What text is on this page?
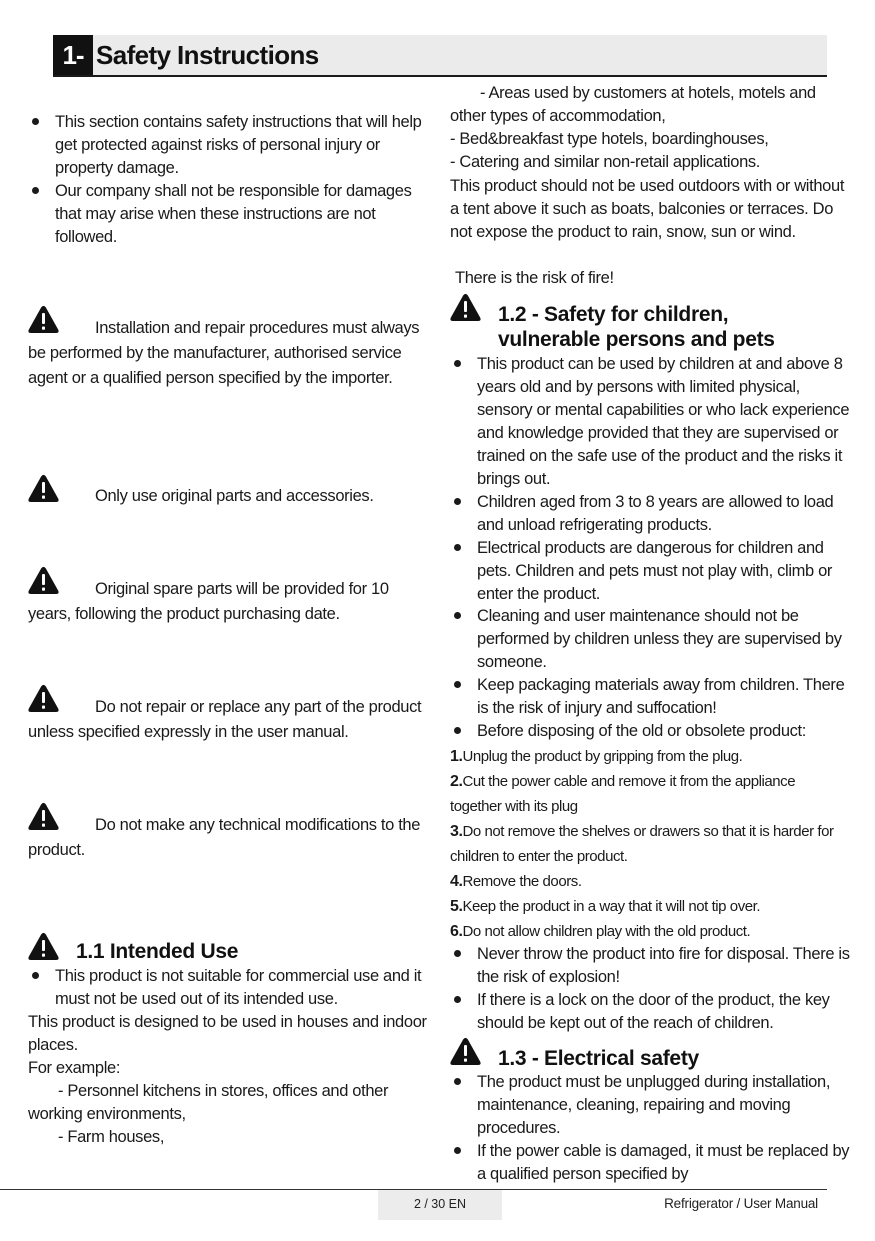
1- Safety Instructions
This section contains safety instructions that will help get protected against risks of personal injury or property damage.
Our company shall not be responsible for damages that may arise when these instructions are not followed.
Installation and repair procedures must always be performed by the manufacturer, authorised service agent or a qualified person specified by the importer.
Only use original parts and accessories.
Original spare parts will be provided for 10 years, following the product purchasing date.
Do not repair or replace any part of the product unless specified expressly in the user manual.
Do not make any technical modifications to the product.
1.1 Intended Use
This product is not suitable for commercial use and it must not be used out of its intended use.
This product is designed to be used in houses and indoor places.
For example:
- Personnel kitchens in stores, offices and other working environments,
- Farm houses,
- Areas used by customers at hotels, motels and other types of accommodation,
- Bed&breakfast type hotels, boardinghouses,
- Catering and similar non-retail applications.
This product should not be used outdoors with or without a tent above it such as boats, balconies or terraces. Do not expose the product to rain, snow, sun or wind.
There is the risk of fire!
1.2 - Safety for children,
vulnerable persons and pets
This product can be used by children at and above 8 years old and by persons with limited physical, sensory or mental capabilities or who lack experience and knowledge provided that they are supervised or trained on the safe use of the product and the risks it brings out.
Children aged from 3 to 8 years are allowed to load and unload refrigerating products.
Electrical products are dangerous for children and pets. Children and pets must not play with, climb or enter the product.
Cleaning and user maintenance should not be performed by children unless they are supervised by someone.
Keep packaging materials away from children. There is the risk of injury and suffocation!
Before disposing of the old or obsolete product:
1.Unplug the product by gripping from the plug.
2.Cut the power cable and remove it from the appliance together with its plug
3.Do not remove the shelves or drawers so that it is harder for children to enter the product.
4.Remove the doors.
5.Keep the product in a way that it will not tip over.
6.Do not allow children play with the old product.
Never throw the product into fire for disposal. There is the risk of explosion!
If there is a lock on the door of the product, the key should be kept out of the reach of children.
1.3 - Electrical safety
The product must be unplugged during installation, maintenance, cleaning, repairing and moving procedures.
If the power cable is damaged, it must be replaced by a qualified person specified by
2 / 30 EN	Refrigerator / User Manual
